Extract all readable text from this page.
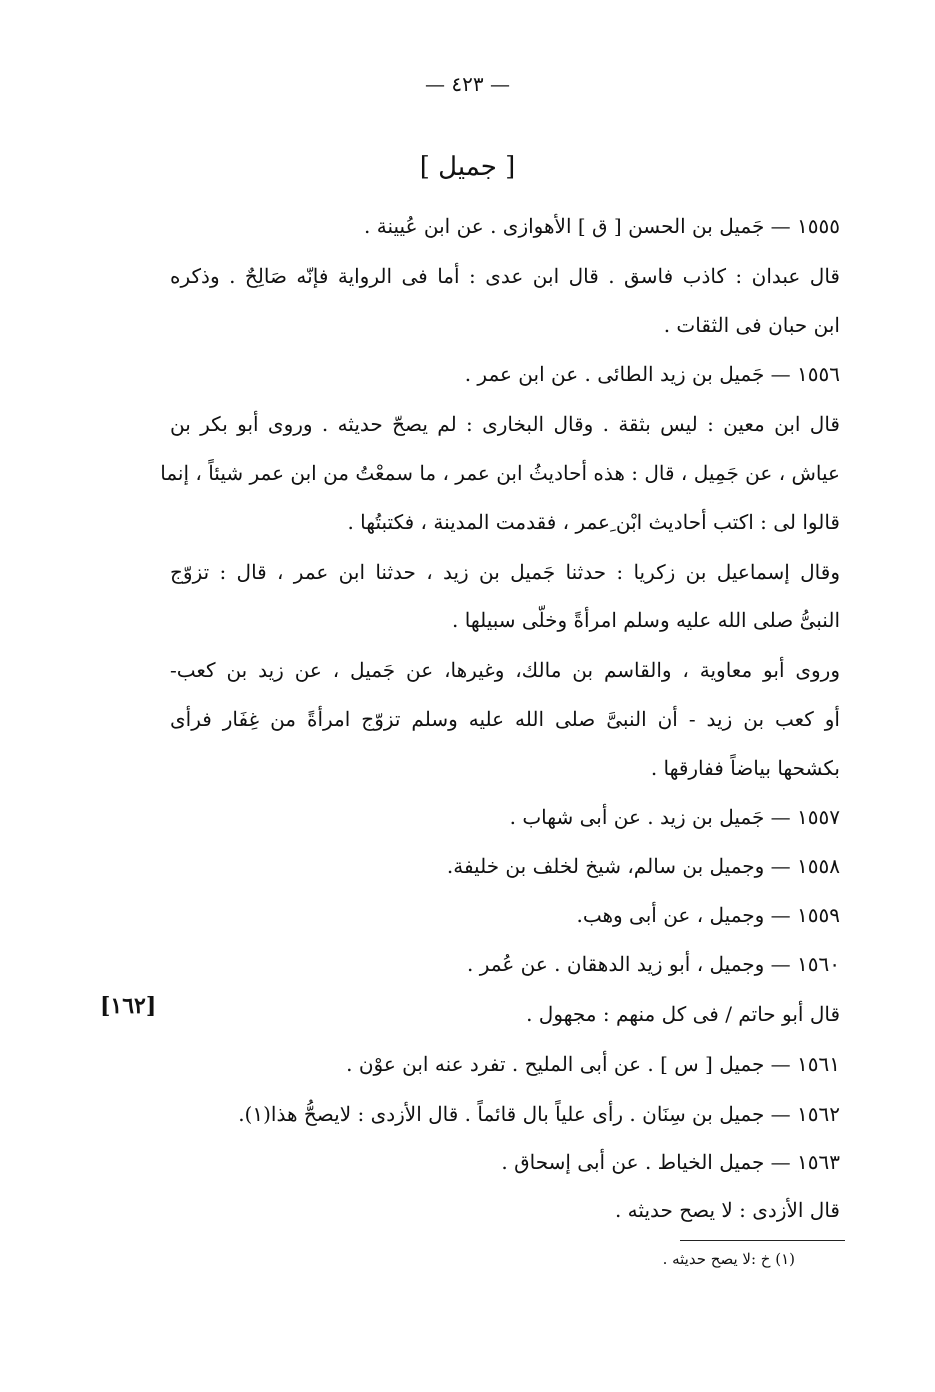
— ٤٢٣ —
[ جميل ]
١٥٥٥ — جَميل بن الحسن [ ق ] الأهوازى . عن ابن عُيينة .
قال عبدان : كاذب فاسق . قال ابن عدى : أما فى الرواية فإنّه صَالِحٌ . وذكره
ابن حبان فى الثقات .
١٥٥٦ — جَميل بن زيد الطائى . عن ابن عمر .
قال ابن معين : ليس بثقة . وقال البخارى : لم يصحّ حديثه . وروى أبو بكر بن
عياش ، عن جَمِيل ، قال : هذه أحاديثُ ابن عمر ، ما سمعْتُ من ابن عمر شيئاً ، إنما
قالوا لى : اكتب أحاديث ابْن ِعمر ، فقدمت المدينة ، فكتبتُها .
وقال إسماعيل بن زكريا : حدثنا جَميل بن زيد ، حدثنا ابن عمر ، قال : تزوّج
النبىُّ صلى الله عليه وسلم امرأةً وخلّى سبيلها .
وروى أبو معاوية ، والقاسم بن مالك، وغيرها، عن جَميل ، عن زيد بن كعب-
أو كعب بن زيد - أن النبىَّ صلى الله عليه وسلم تزوّج امرأةً من غِفَار فرأى
بكشحها بياضاً ففارقها .
١٥٥٧ — جَميل بن زيد . عن أبى شهاب .
١٥٥٨ — وجميل بن سالم، شيخ لخلف بن خليفة.
١٥٥٩ — وجميل ، عن أبى وهب.
١٥٦٠ — وجميل ، أبو زيد الدهقان . عن عُمر .
قال أبو حاتم / فى كل منهم : مجهول .
[١٦٢]
١٥٦١ — جميل [ س ] . عن أبى المليح . تفرد عنه ابن عوْن .
١٥٦٢ — جميل بن سِنَان . رأى علياً بال قائماً . قال الأزدى : لايصحُّ هذا(١).
١٥٦٣ — جميل الخياط . عن أبى إسحاق .
قال الأزدى : لا يصح حديثه .
(١) خ :لا يصح حديثه .
